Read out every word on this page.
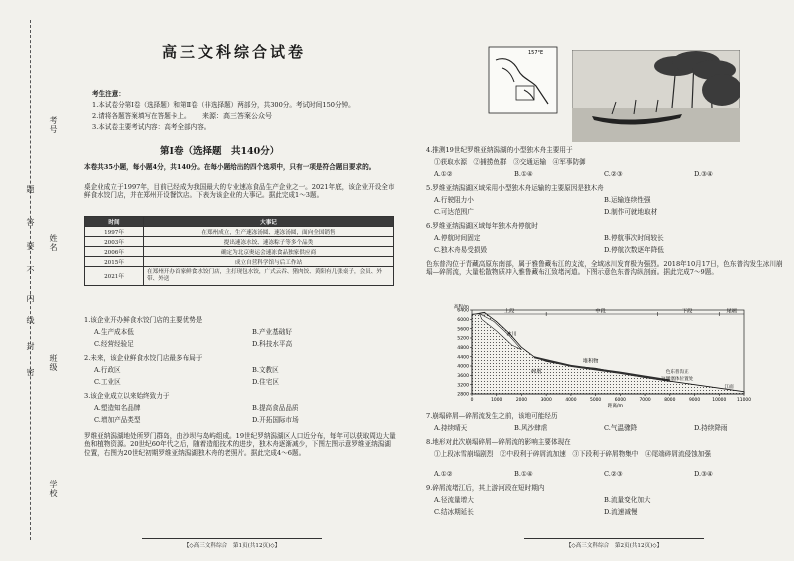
考号
姓名
班级
学校
题
答
要
不
内
线
封
密
高三文科综合试卷
考生注意：
1.本试卷分第Ⅰ卷（选择题）和第Ⅱ卷（非选择题）两部分，共300分。考试时间150分钟。
2.请将各题答案填写在答题卡上。 来源：高三答案公众号
3.本试卷主要考试内容：高考全部内容。
第Ⅰ卷（选择题　共140分）
本卷共35小题，每小题4分，共140分。在每小题给出的四个选项中，只有一项是符合题目要求的。
桌企业成立于1997年，目前已经成为我国最大的专业速冻食品生产企业之一。2021年底，该企业开设全市鲜食水饺门店，并在郑州开设餐饮店。下表为该企业的大事记。据此完成1～3题。
时间	大事记
1997年	在郑州成立，生产速冻汤圆、速冻汤圆，面向全国销售
2003年	提出速冻水饺、速冻粽子等多个品类
2006年	确定为北京奥运会速冻食品独家供应商
2015年	成立自营科学馆与后工作站
2021年	在郑州开办首家鲜食水饺门店，主打现包水饺，广式云吞、猪肉饺、黄阳有几张桌子，会员、外带、外送
1.该企业开办鲜食水饺门店的主要优势是
A.生产成本低	B.产业基础好
C.经营经验足	D.科技水平高
2.未来，该企业鲜食水饺门店最多布局于
A.行政区	B.文教区
C.工业区	D.住宅区
3.该企业成立以来始终致力于
A.塑造知名品牌	B.提高食品品质
C.增加产品类型	D.开拓国际市场
罗维亚纳潟湖地处所罗门群岛，由沙坝与岛屿组成。19世纪罗纳潟湖区人口近分布，每年可以获取周边大量鱼和植物资源。20世纪60年代之后，随着造船技术的进步，独木舟逐渐减少，下图左图示意罗维亚纳潟湖位置，右图为20世纪初期罗维亚纳潟湖独木舟的老照片。据此完成4～6题。
【◇高三文科综合　第1页(共12页)◇】
157°E
4.推测19世纪罗维亚纳潟湖的小型独木舟主要用于
①获取水源　②捕捞鱼群　③交通运输　④军事防御
A.①②	B.①④	C.②③	D.③④
5.罗维亚纳潟湖区域采用小型独木舟运输的主要原因是独木舟
A.行驶阻力小	B.运输连续性强
C.可达范围广	D.制作可就地取材
6.罗维亚纳潟湖区域每年独木舟停航时
A.停航时间固定	B.停航事次时间较长
C.独木舟易受损毁	D.停航次数逐年降低
色东普沟位于青藏高原东南部，属于雅鲁藏布江的支流，全域冰川发育极为强烈。2018年10月17日，色东普沟发生冰川崩塌—碎屑流，大量松散物质冲入雅鲁藏布江致堵河道。下图示意色东普沟纵剖面。据此完成7～9题。
2800
3200
3600
4000
4400
4800
5200
5600
6000
6400
0	1000	2000	3000	4000	5000	6000	7000	8000	9000	10000 11000
上段	中段	下段	尾端
冰川
堆积物
碎屑	色东普沟正
这堰塞体位置处
江面
距离/m
高程/m
7.崩塌碎屑—碎屑流发生之前，该地可能经历
A.持续晴天	B.风沙肆虐	C.气温骤降	D.持续降雨
8.地形对此次崩塌碎屑—碎屑流的影响主要体现在
①上段冰雪崩塌剧烈　②中段利于碎屑流加速　③下段利于碎屑物集中　④尾端碎屑流侵蚀加强
A.①②	B.①④	C.②③	D.③④
9.碎屑流堵江后，其上游河段在短时期内
A.径流量增大	B.流量变化加大
C.结冰期延长	D.流速减慢
【◇高三文科综合　第2页(共12页)◇】
